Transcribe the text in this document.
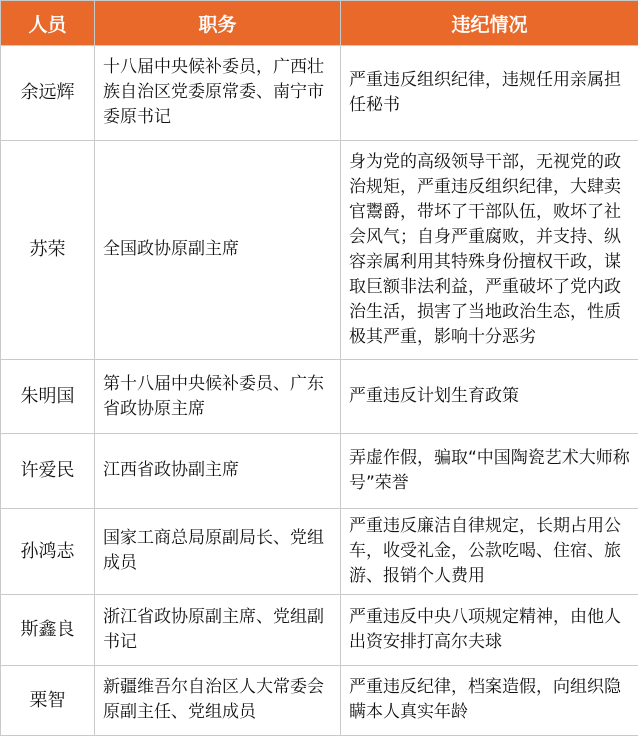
人员	职务	违纪情况
余远辉	十八届中央候补委员，广西壮族自治区党委原常委、南宁市委原书记	严重违反组织纪律，违规任用亲属担任秘书
苏荣	全国政协原副主席	身为党的高级领导干部，无视党的政治规矩，严重违反组织纪律，大肆卖官鬻爵，带坏了干部队伍，败坏了社会风气；自身严重腐败，并支持、纵容亲属利用其特殊身份擅权干政，谋取巨额非法利益，严重破坏了党内政治生活，损害了当地政治生态，性质极其严重，影响十分恶劣
朱明国	第十八届中央候补委员、广东省政协原主席	严重违反计划生育政策
许爱民	江西省政协副主席	弄虚作假，骗取“中国陶瓷艺术大师称号”荣誉
孙鸿志	国家工商总局原副局长、党组成员	严重违反廉洁自律规定，长期占用公车，收受礼金，公款吃喝、住宿、旅游、报销个人费用
斯鑫良	浙江省政协原副主席、党组副书记	严重违反中央八项规定精神，由他人出资安排打高尔夫球
栗智	新疆维吾尔自治区人大常委会原副主任、党组成员	严重违反纪律，档案造假，向组织隐瞒本人真实年龄
